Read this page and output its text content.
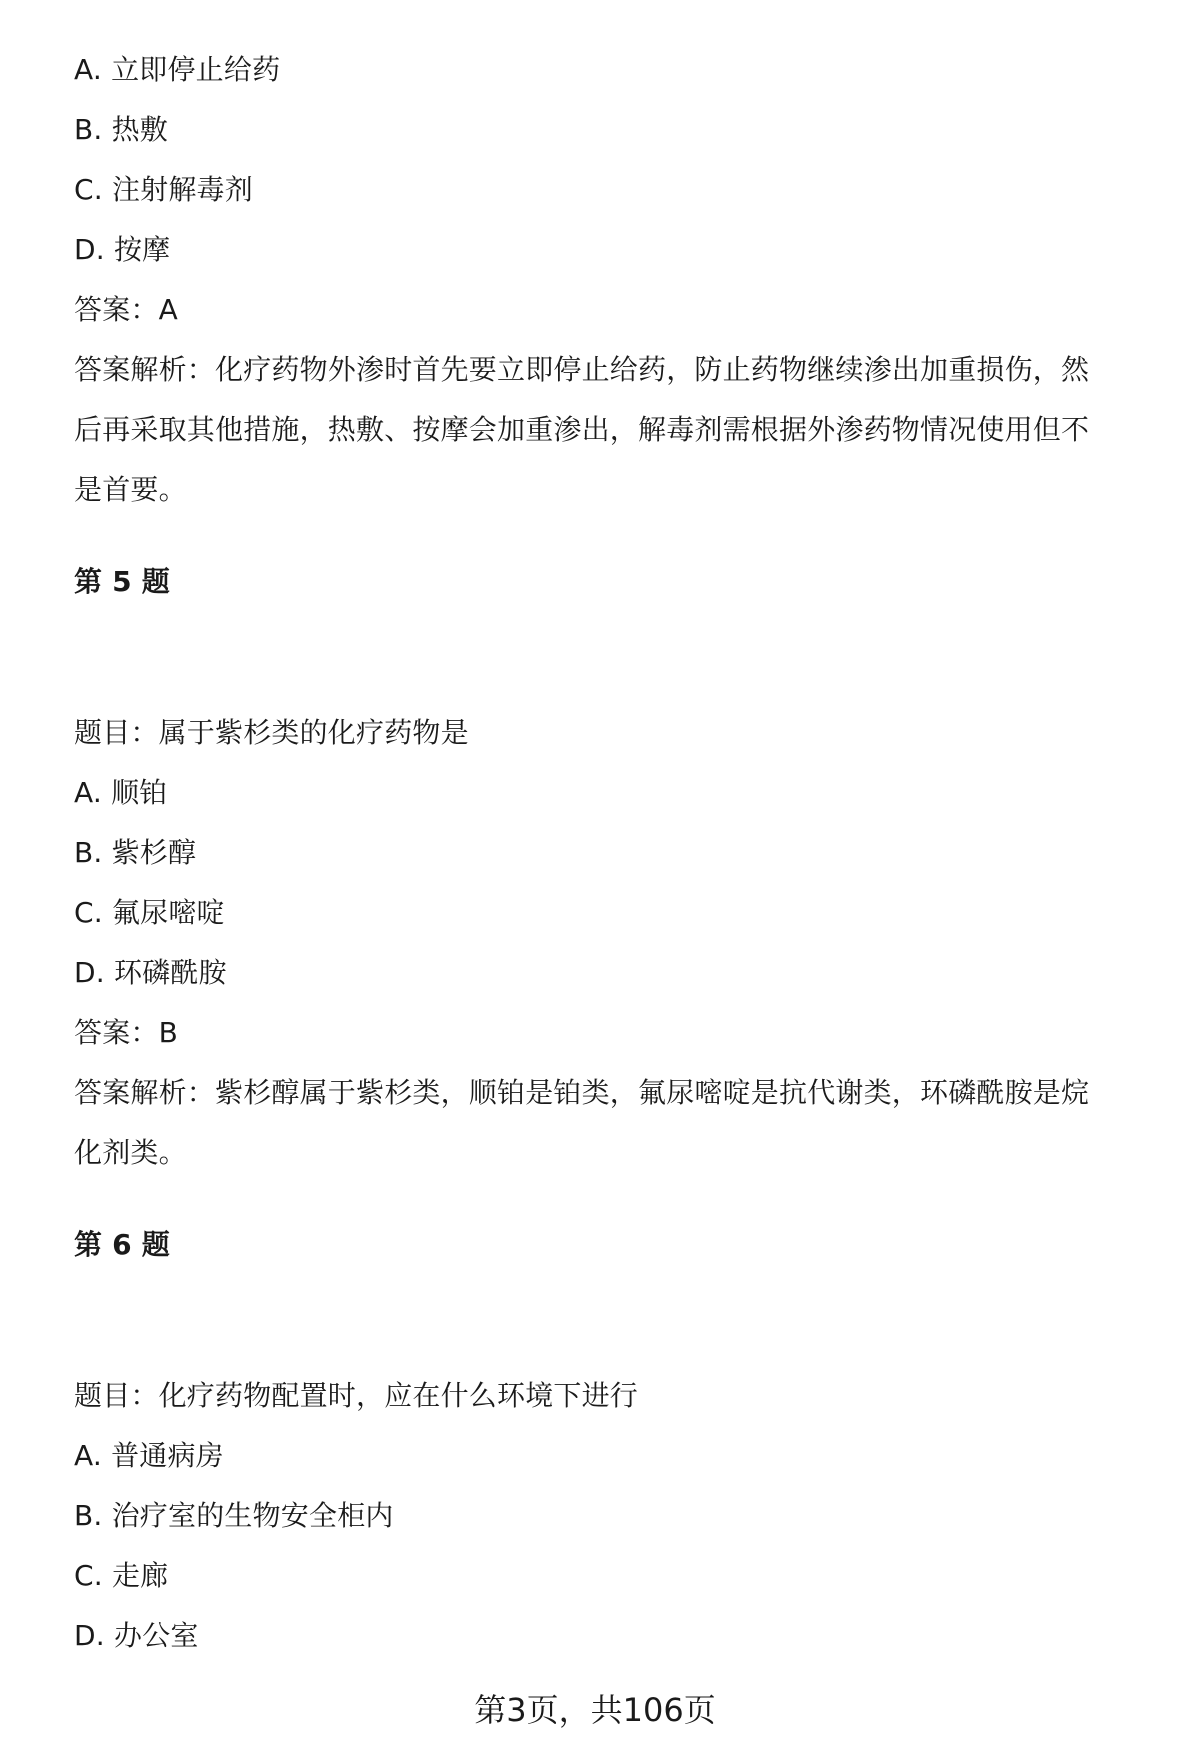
A. 立即停止给药
B. 热敷
C. 注射解毒剂
D. 按摩
答案：A
答案解析：化疗药物外渗时首先要立即停止给药，防止药物继续渗出加重损伤，然
后再采取其他措施，热敷、按摩会加重渗出，解毒剂需根据外渗药物情况使用但不
是首要。
第 5 题
题目：属于紫杉类的化疗药物是
A. 顺铂
B. 紫杉醇
C. 氟尿嘧啶
D. 环磷酰胺
答案：B
答案解析：紫杉醇属于紫杉类，顺铂是铂类，氟尿嘧啶是抗代谢类，环磷酰胺是烷
化剂类。
第 6 题
题目：化疗药物配置时，应在什么环境下进行
A. 普通病房
B. 治疗室的生物安全柜内
C. 走廊
D. 办公室
第3页，共106页
